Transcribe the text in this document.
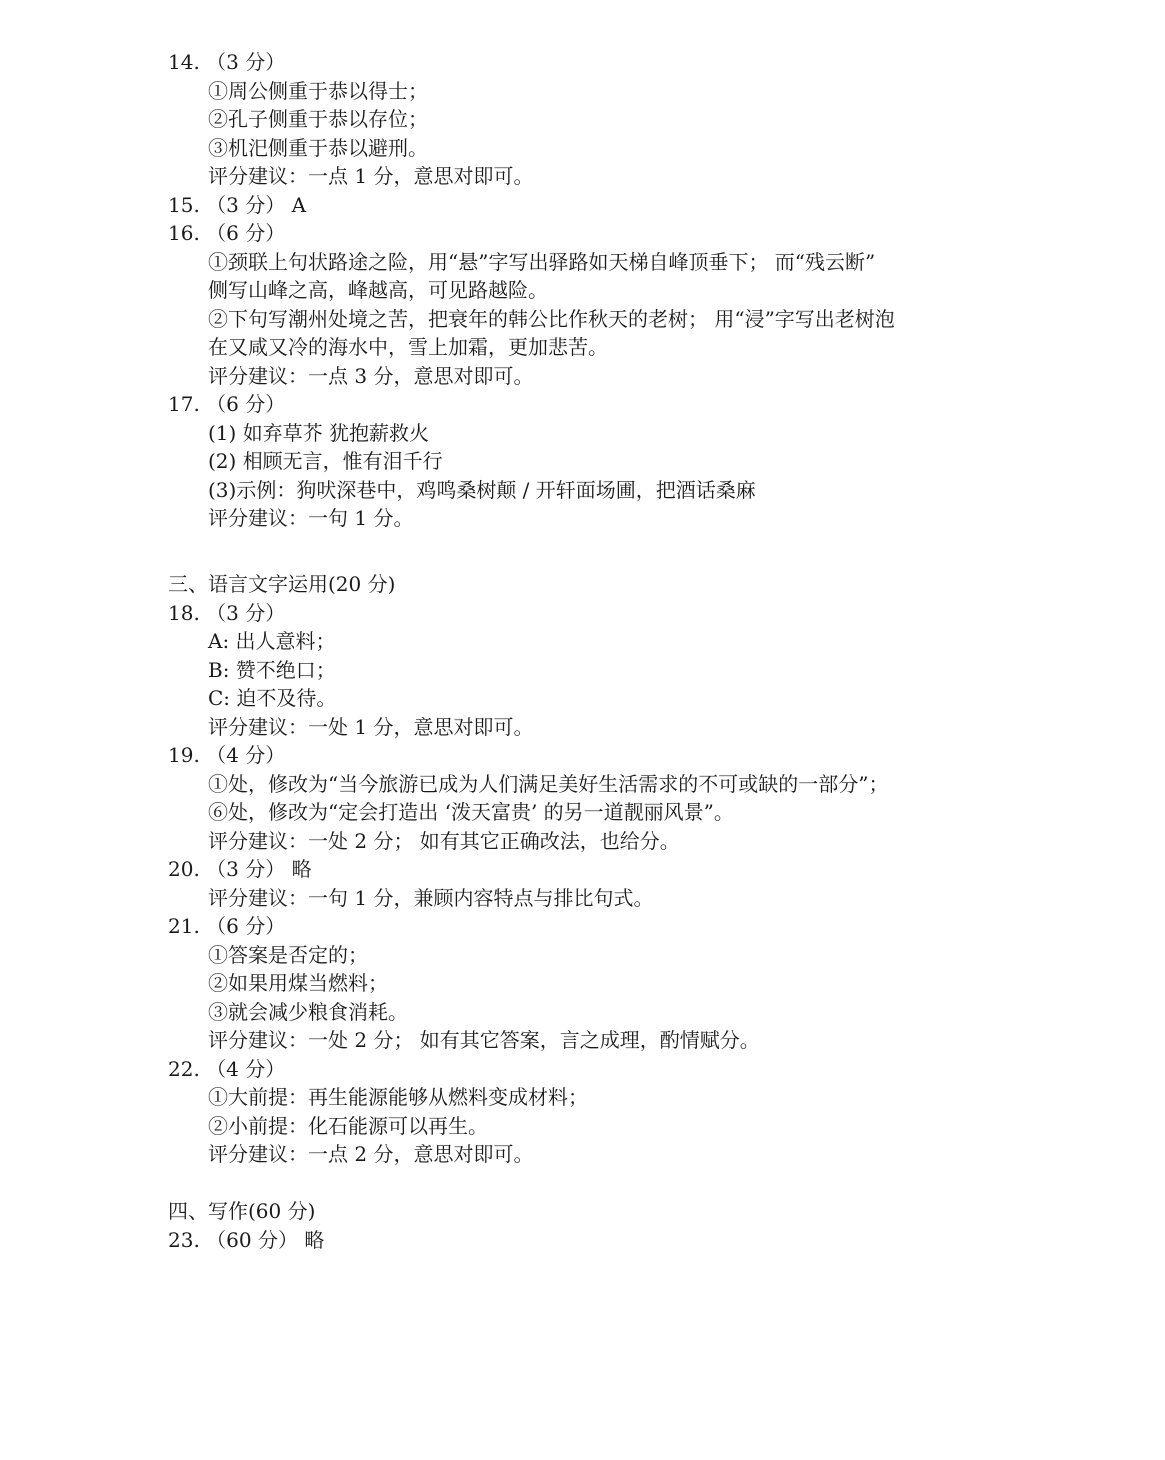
14. （3 分）
①周公侧重于恭以得士；
②孔子侧重于恭以存位；
③机汜侧重于恭以避刑。
评分建议：一点 1 分，意思对即可。
15. （3 分） A
16. （6 分）
①颈联上句状路途之险，用“悬”字写出驿路如天梯自峰顶垂下； 而“残云断”
侧写山峰之高，峰越高，可见路越险。
②下句写潮州处境之苦，把衰年的韩公比作秋天的老树； 用“浸”字写出老树泡
在又咸又冷的海水中，雪上加霜，更加悲苦。
评分建议：一点 3 分，意思对即可。
17. （6 分）
(1) 如弃草芥 犹抱薪救火
(2) 相顾无言，惟有泪千行
(3)示例：狗吠深巷中，鸡鸣桑树颠 / 开轩面场圃，把酒话桑麻
评分建议：一句 1 分。
三、语言文字运用(20 分)
18. （3 分）
A: 出人意料；
B: 赞不绝口；
C: 迫不及待。
评分建议：一处 1 分，意思对即可。
19. （4 分）
①处，修改为“当今旅游已成为人们满足美好生活需求的不可或缺的一部分”；
⑥处，修改为“定会打造出 ‘泼天富贵’ 的另一道靓丽风景”。
评分建议：一处 2 分； 如有其它正确改法，也给分。
20. （3 分） 略
评分建议：一句 1 分，兼顾内容特点与排比句式。
21. （6 分）
①答案是否定的；
②如果用煤当燃料；
③就会减少粮食消耗。
评分建议：一处 2 分； 如有其它答案，言之成理，酌情赋分。
22. （4 分）
①大前提：再生能源能够从燃料变成材料；
②小前提：化石能源可以再生。
评分建议：一点 2 分，意思对即可。
四、写作(60 分)
23. （60 分） 略
